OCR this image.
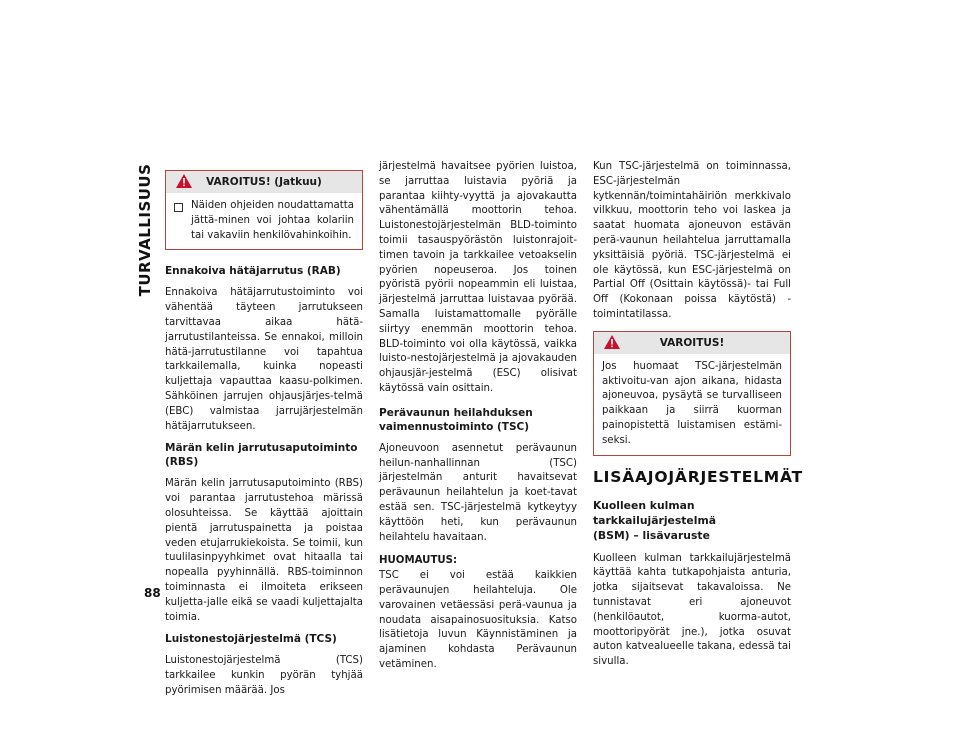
TURVALLISUUS
88
VAROITUS! (Jatkuu)

Näiden ohjeiden noudattamatta jättä-minen voi johtaa kolariin tai vakaviin henkilövahinkoihin.

Ennakoiva hätäjarrutus (RAB)

Ennakoiva hätäjarrutustoiminto voi vähentää täyteen jarrutukseen tarvittavaa aikaa hätä-jarrutustilanteissa. Se ennakoi, milloin hätä-jarrutustilanne voi tapahtua tarkkailemalla, kuinka nopeasti kuljettaja vapauttaa kaasu-polkimen. Sähköinen jarrujen ohjausjärjes-telmä (EBC) valmistaa jarrujärjestelmän hätäjarrutukseen.

Märän kelin jarrutusaputoiminto (RBS)

Märän kelin jarrutusaputoiminto (RBS) voi parantaa jarrutustehoa märissä olosuhteissa. Se käyttää ajoittain pientä jarrutuspainetta ja poistaa veden etujarrukiekoista. Se toimii, kun tuulilasinpyyhkimet ovat hitaalla tai nopealla pyyhinnällä. RBS-toiminnon toiminnasta ei ilmoiteta erikseen kuljetta-jalle eikä se vaadi kuljettajalta toimia.

Luistonestojärjestelmä (TCS)

Luistonestojärjestelmä (TCS) tarkkailee kunkin pyörän tyhjää pyörimisen määrää. Jos

järjestelmä havaitsee pyörien luistoa, se jarruttaa luistavia pyöriä ja parantaa kiihty-vyyttä ja ajovakautta vähentämällä moottorin tehoa. Luistonestojärjestelmän BLD-toiminto toimii tasauspyörästön luistonrajoit-timen tavoin ja tarkkailee vetoakselin pyörien nopeuseroa. Jos toinen pyöristä pyörii nopeammin eli luistaa, järjestelmä jarruttaa luistavaa pyörää. Samalla luistamattomalle pyörälle siirtyy enemmän moottorin tehoa. BLD-toiminto voi olla käytössä, vaikka luisto-nestojärjestelmä ja ajovakauden ohjausjär-jestelmä (ESC) olisivat käytössä vain osittain.

Perävaunun heilahduksen
vaimennustoiminto (TSC)

Ajoneuvoon asennetut perävaunun heilun-nanhallinnan (TSC) järjestelmän anturit havaitsevat perävaunun heilahtelun ja koet-tavat estää sen. TSC-järjestelmä kytkeytyy käyttöön heti, kun perävaunun heilahtelu havaitaan.

HUOMAUTUS:

TSC ei voi estää kaikkien perävaunujen heilahteluja. Ole varovainen vetäessäsi perä-vaunua ja noudata aisapainosuosituksia. Katso lisätietoja luvun Käynnistäminen ja ajaminen kohdasta Perävaunun vetäminen.

Kun TSC-järjestelmä on toiminnassa, ESC-järjestelmän kytkennän/toimintahäiriön merkkivalo vilkkuu, moottorin teho voi laskea ja saatat huomata ajoneuvon estävän perä-vaunun heilahtelua jarruttamalla yksittäisiä pyöriä. TSC-järjestelmä ei ole käytössä, kun ESC-järjestelmä on Partial Off (Osittain käytössä)- tai Full Off (Kokonaan poissa käytöstä) -toimintatilassa.

VAROITUS!

Jos huomaat TSC-järjestelmän aktivoitu-van ajon aikana, hidasta ajoneuvoa, pysäytä se turvalliseen paikkaan ja siirrä kuorman painopistettä luistamisen estämi-seksi.

LISÄAJOJÄRJESTELMÄT
Kuolleen kulman tarkkailujärjestelmä
(BSM) – lisävaruste

Kuolleen kulman tarkkailujärjestelmä käyttää kahta tutkapohjaista anturia, jotka sijaitsevat takavaloissa. Ne tunnistavat eri ajoneuvot (henkilöautot, kuorma-autot, moottoripyörät jne.), jotka osuvat auton katvealueelle takana, edessä tai sivulla.
